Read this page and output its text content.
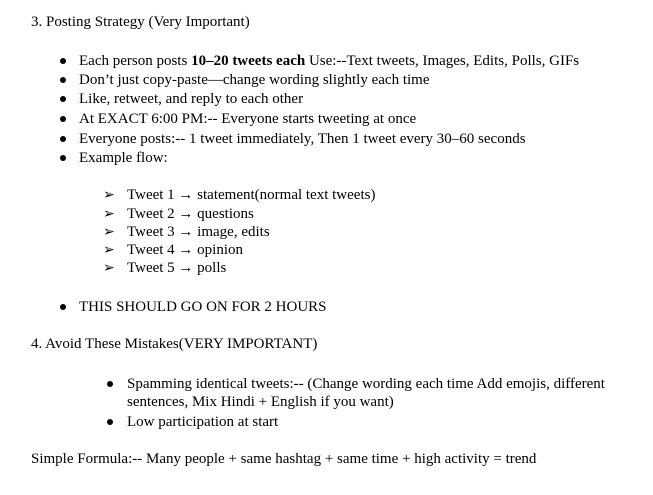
3. Posting Strategy (Very Important)

Each person posts 10–20 tweets each Use:--Text tweets, Images, Edits, Polls, GIFs

Don’t just copy-paste—change wording slightly each time

Like, retweet, and reply to each other

At EXACT 6:00 PM:-- Everyone starts tweeting at once

Everyone posts:-- 1 tweet immediately, Then 1 tweet every 30–60 seconds

Example flow:

➢ Tweet 1 → statement(normal text tweets)

➢ Tweet 2 → questions

➢ Tweet 3 → image, edits

➢ Tweet 4 → opinion

➢ Tweet 5 → polls

THIS SHOULD GO ON FOR 2 HOURS

4. Avoid These Mistakes(VERY IMPORTANT)

Spamming identical tweets:-- (Change wording each time Add emojis, different

sentences, Mix Hindi + English if you want)

Low participation at start

Simple Formula:-- Many people + same hashtag + same time + high activity = trend
